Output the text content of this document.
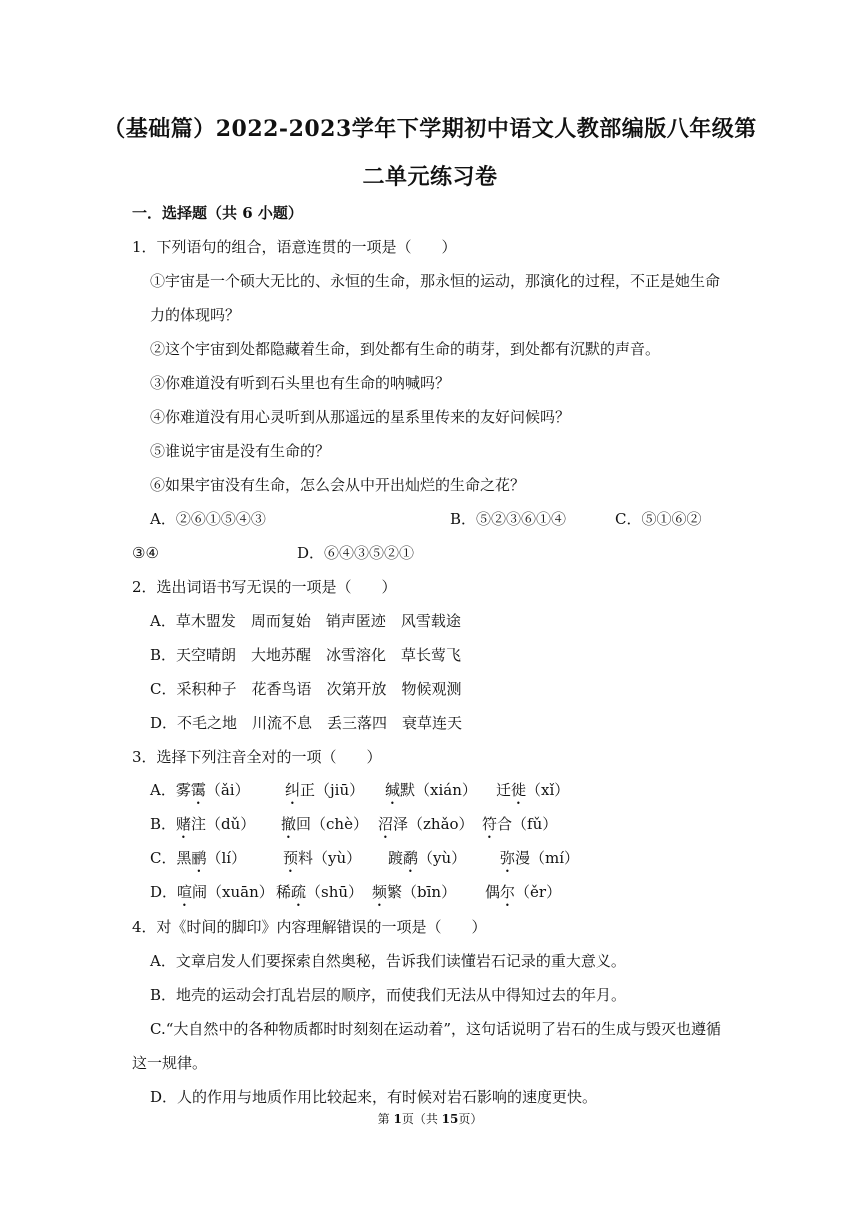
（基础篇）2022-2023学年下学期初中语文人教部编版八年级第
二单元练习卷
一．选择题（共 6 小题）
1．下列语句的组合，语意连贯的一项是（　　）
①宇宙是一个硕大无比的、永恒的生命，那永恒的运动，那演化的过程，不正是她生命
力的体现吗？
②这个宇宙到处都隐藏着生命，到处都有生命的萌芽，到处都有沉默的声音。
③你难道没有听到石头里也有生命的呐喊吗？
④你难道没有用心灵听到从那遥远的星系里传来的友好问候吗？
⑤谁说宇宙是没有生命的？
⑥如果宇宙没有生命，怎么会从中开出灿烂的生命之花？
A．②⑥①⑤④③	B．⑤②③⑥①④	C．⑤①⑥②
③④	D．⑥④③⑤②①
2．选出词语书写无误的一项是（　　）
A．草木盟发　周而复始　销声匿迹　风雪载途
B．天空晴朗　大地苏醒　冰雪溶化　草长莺飞
C．采积种子　花香鸟语　次第开放　物候观测
D．不毛之地　川流不息　丢三落四　衰草连天
3．选择下列注音全对的一项（　　）
A．雾霭（ǎi） 纠正（jiū） 缄默（xián） 迁徙（xǐ）
B．赌注（dǔ） 撤回（chè） 沼泽（zhǎo） 符合（fǔ）
C．黑鹂（lí） 预料（yù） 踱鹬（yù） 弥漫（mí）
D．喧闹（xuān） 稀疏（shū） 频繁（bīn） 偶尔（ěr）
4．对《时间的脚印》内容理解错误的一项是（　　）
A．文章启发人们要探索自然奥秘，告诉我们读懂岩石记录的重大意义。
B．地壳的运动会打乱岩层的顺序，而使我们无法从中得知过去的年月。
C.“大自然中的各种物质都时时刻刻在运动着”，这句话说明了岩石的生成与毁灭也遵循
这一规律。
D．人的作用与地质作用比较起来，有时候对岩石影响的速度更快。
第 1页（共 15页）
